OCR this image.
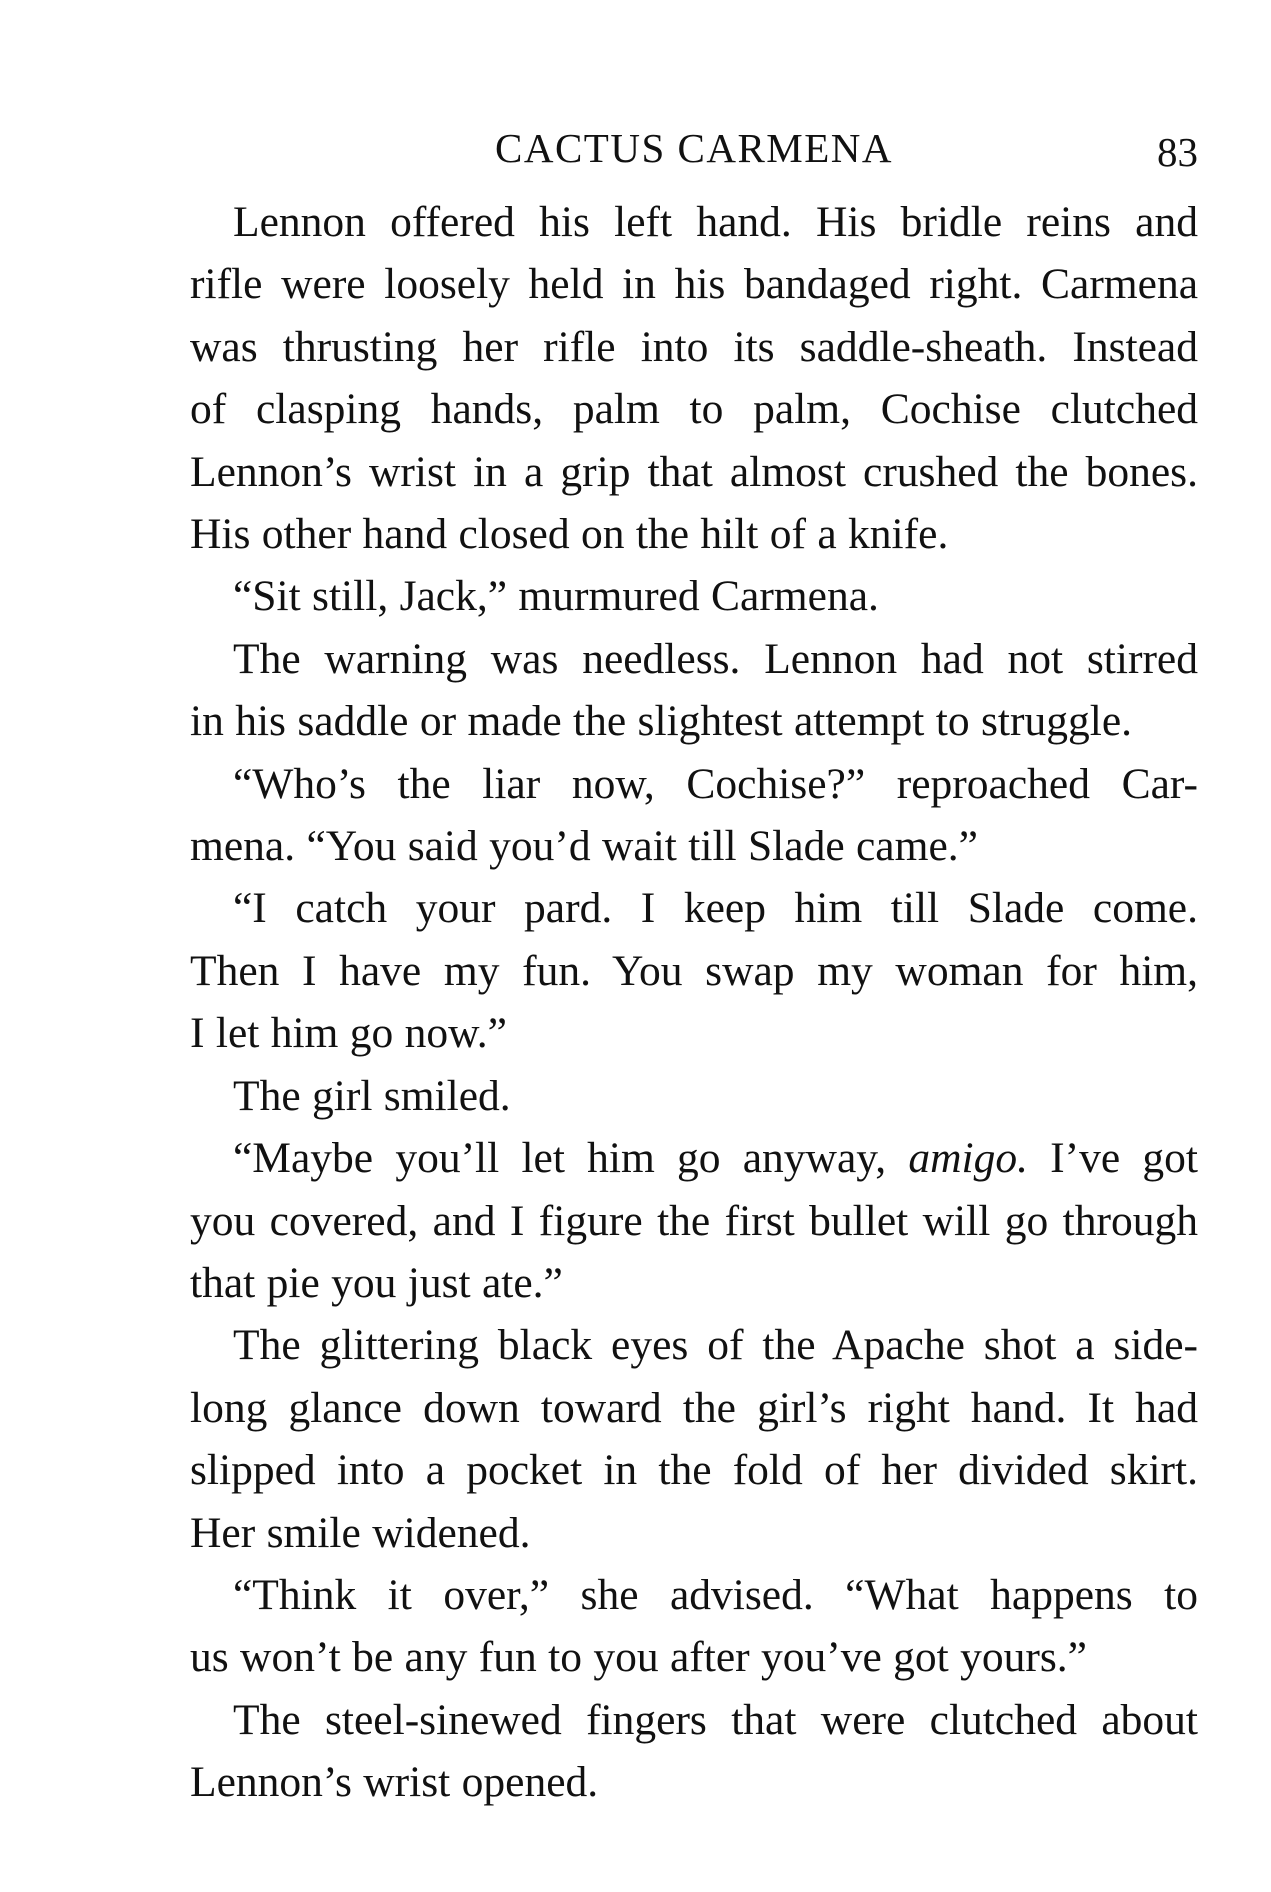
CACTUS CARMENA	83

Lennon offered his left hand. His bridle reins and
rifle were loosely held in his bandaged right. Carmena
was thrusting her rifle into its saddle-sheath. Instead
of clasping hands, palm to palm, Cochise clutched
Lennon’s wrist in a grip that almost crushed the bones.
His other hand closed on the hilt of a knife.

“Sit still, Jack,” murmured Carmena.

The warning was needless. Lennon had not stirred
in his saddle or made the slightest attempt to struggle.

“Who’s the liar now, Cochise?” reproached Car-
mena. “You said you’d wait till Slade came.”

“I catch your pard. I keep him till Slade come.
Then I have my fun. You swap my woman for him,
I let him go now.”

The girl smiled.

“Maybe you’ll let him go anyway, amigo. I’ve got
you covered, and I figure the first bullet will go through
that pie you just ate.”

The glittering black eyes of the Apache shot a side-
long glance down toward the girl’s right hand. It had
slipped into a pocket in the fold of her divided skirt.
Her smile widened.

“Think it over,” she advised. “What happens to
us won’t be any fun to you after you’ve got yours.”

The steel-sinewed fingers that were clutched about
Lennon’s wrist opened.
